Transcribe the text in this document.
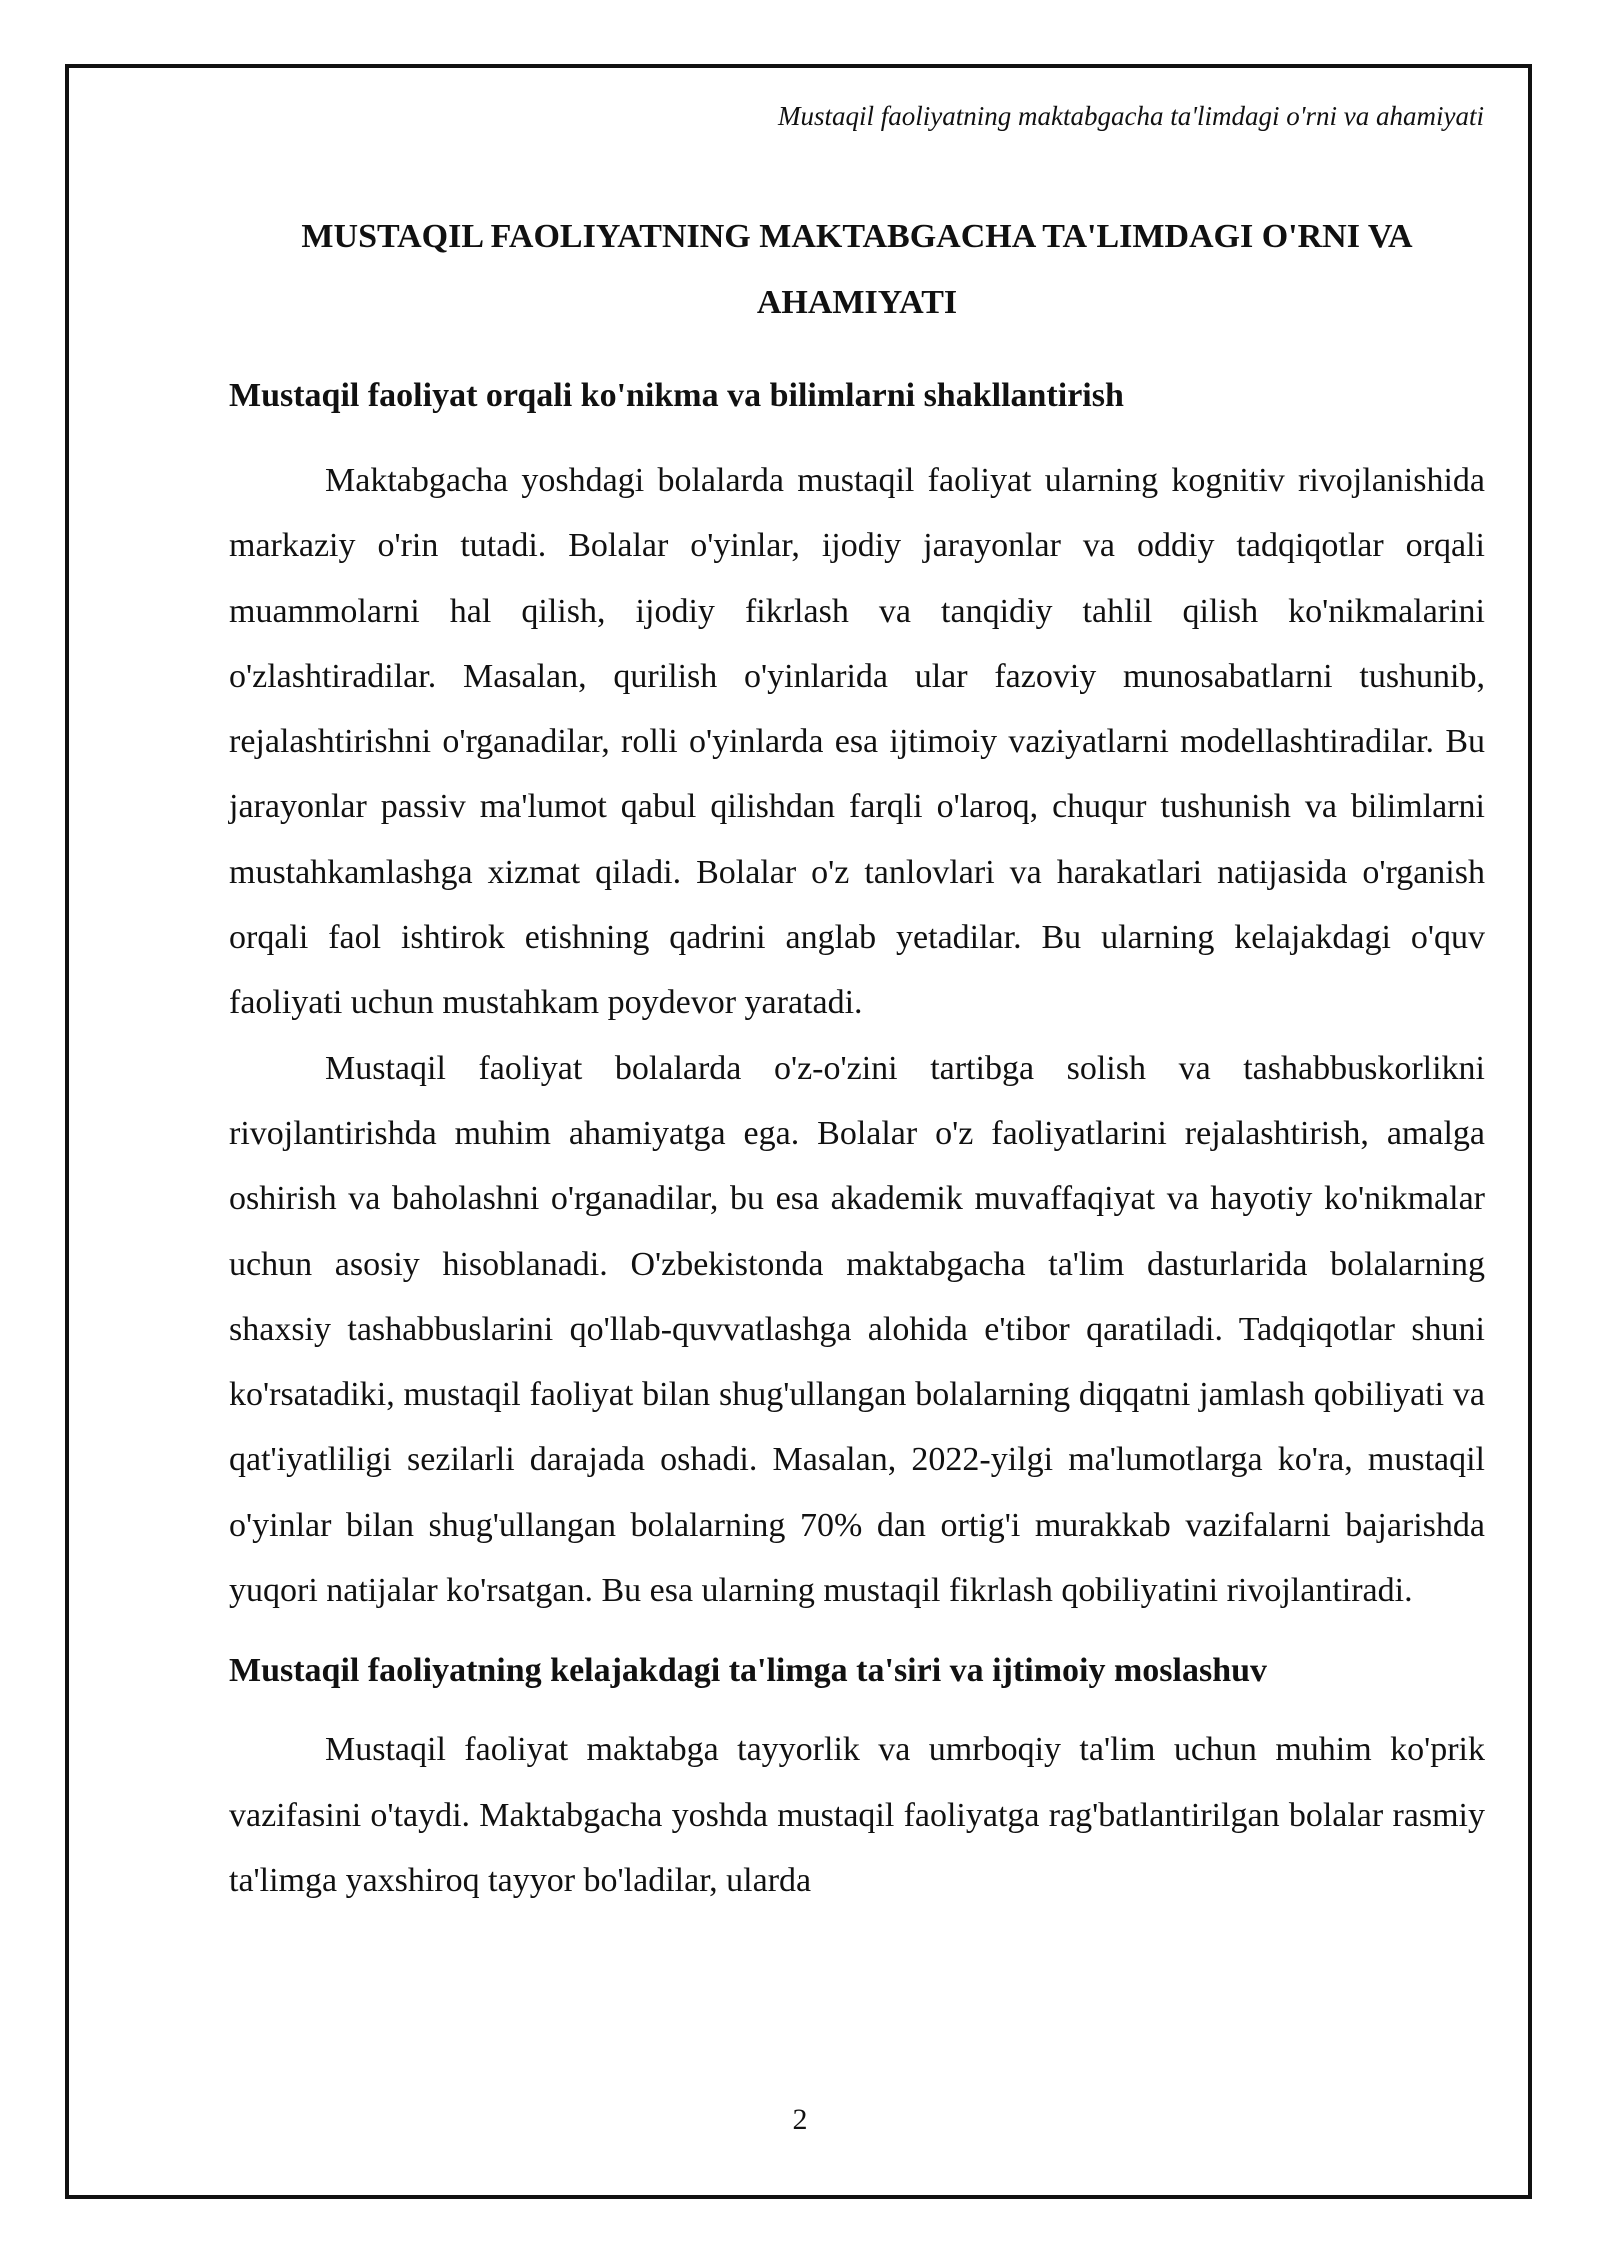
Mustaqil faoliyatning maktabgacha ta'limdagi o'rni va ahamiyati
MUSTAQIL FAOLIYATNING MAKTABGACHA TA'LIMDAGI O'RNI VA AHAMIYATI
Mustaqil faoliyat orqali ko'nikma va bilimlarni shakllantirish

Maktabgacha yoshdagi bolalarda mustaqil faoliyat ularning kognitiv rivojlanishida markaziy o'rin tutadi. Bolalar o'yinlar, ijodiy jarayonlar va oddiy tadqiqotlar orqali muammolarni hal qilish, ijodiy fikrlash va tanqidiy tahlil qilish ko'nikmalarini o'zlashtiradilar. Masalan, qurilish o'yinlarida ular fazoviy munosabatlarni tushunib, rejalashtirishni o'rganadilar, rolli o'yinlarda esa ijtimoiy vaziyatlarni modellashtiradilar. Bu jarayonlar passiv ma'lumot qabul qilishdan farqli o'laroq, chuqur tushunish va bilimlarni mustahkamlashga xizmat qiladi. Bolalar o'z tanlovlari va harakatlari natijasida o'rganish orqali faol ishtirok etishning qadrini anglab yetadilar. Bu ularning kelajakdagi o'quv faoliyati uchun mustahkam poydevor yaratadi.

Mustaqil faoliyat bolalarda o'z-o'zini tartibga solish va tashabbuskorlikni rivojlantirishda muhim ahamiyatga ega. Bolalar o'z faoliyatlarini rejalashtirish, amalga oshirish va baholashni o'rganadilar, bu esa akademik muvaffaqiyat va hayotiy ko'nikmalar uchun asosiy hisoblanadi. O'zbekistonda maktabgacha ta'lim dasturlarida bolalarning shaxsiy tashabbuslarini qo'llab-quvvatlashga alohida e'tibor qaratiladi. Tadqiqotlar shuni ko'rsatadiki, mustaqil faoliyat bilan shug'ullangan bolalarning diqqatni jamlash qobiliyati va qat'iyatliligi sezilarli darajada oshadi. Masalan, 2022-yilgi ma'lumotlarga ko'ra, mustaqil o'yinlar bilan shug'ullangan bolalarning 70% dan ortig'i murakkab vazifalarni bajarishda yuqori natijalar ko'rsatgan. Bu esa ularning mustaqil fikrlash qobiliyatini rivojlantiradi.

Mustaqil faoliyatning kelajakdagi ta'limga ta'siri va ijtimoiy moslashuv

Mustaqil faoliyat maktabga tayyorlik va umrboqiy ta'lim uchun muhim ko'prik vazifasini o'taydi. Maktabgacha yoshda mustaqil faoliyatga rag'batlantirilgan bolalar rasmiy ta'limga yaxshiroq tayyor bo'ladilar, ularda

2
